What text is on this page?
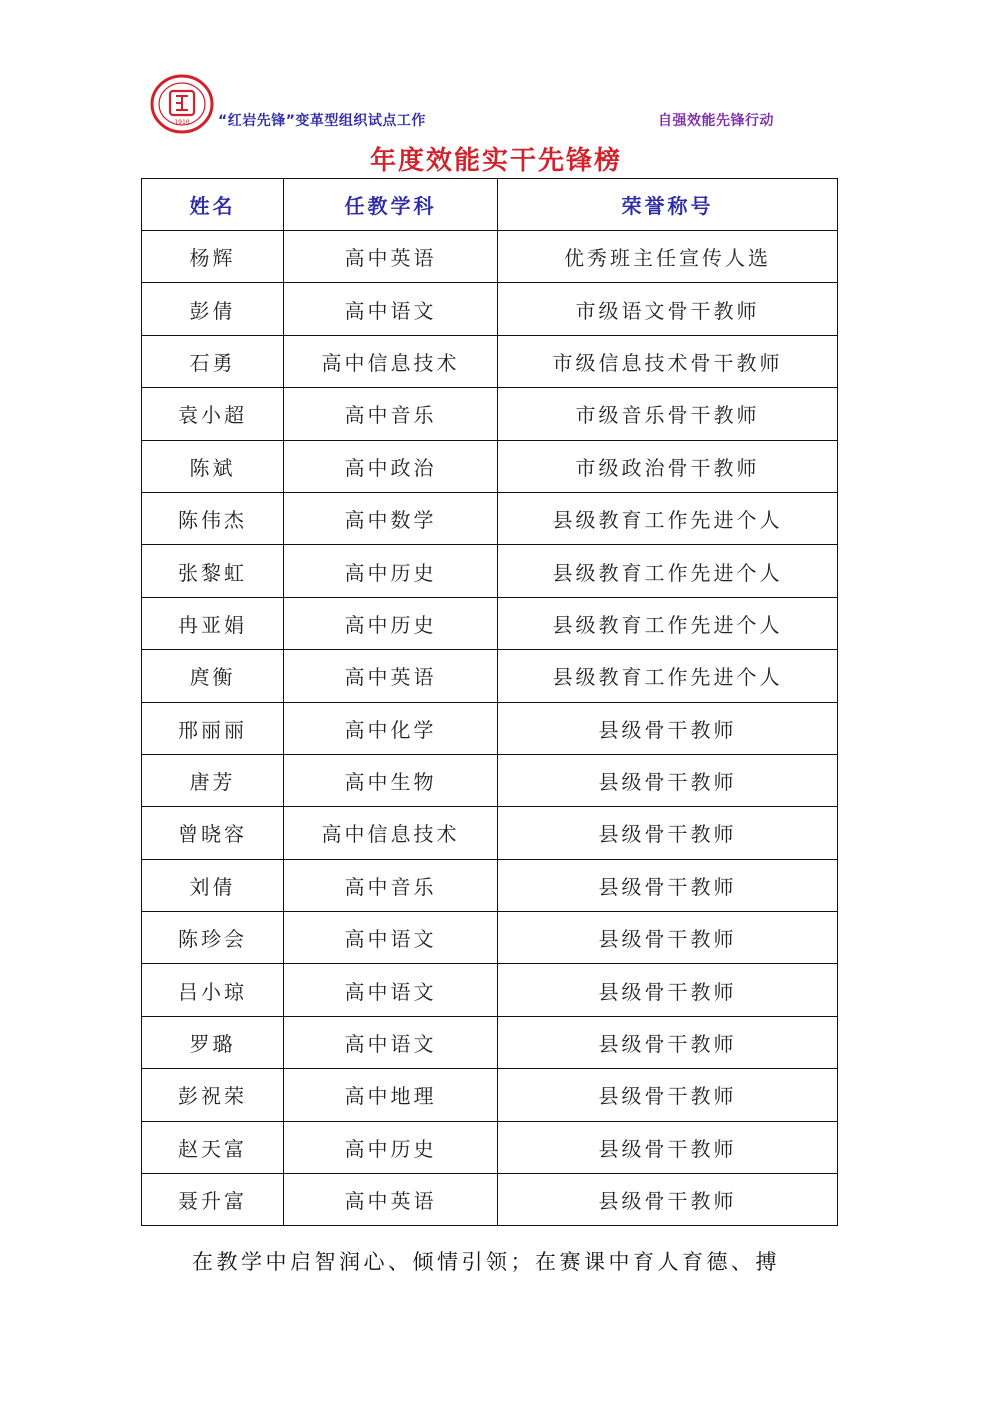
1910 “红岩先锋”变革型组织试点工作	自强效能先锋行动
年度效能实干先锋榜
姓名	任教学科	荣誉称号
杨辉	高中英语	优秀班主任宣传人选
彭倩	高中语文	市级语文骨干教师
石勇	高中信息技术	市级信息技术骨干教师
袁小超	高中音乐	市级音乐骨干教师
陈斌	高中政治	市级政治骨干教师
陈伟杰	高中数学	县级教育工作先进个人
张黎虹	高中历史	县级教育工作先进个人
冉亚娟	高中历史	县级教育工作先进个人
庹衡	高中英语	县级教育工作先进个人
邢丽丽	高中化学	县级骨干教师
唐芳	高中生物	县级骨干教师
曾晓容	高中信息技术	县级骨干教师
刘倩	高中音乐	县级骨干教师
陈珍会	高中语文	县级骨干教师
吕小琼	高中语文	县级骨干教师
罗璐	高中语文	县级骨干教师
彭祝荣	高中地理	县级骨干教师
赵天富	高中历史	县级骨干教师
聂升富	高中英语	县级骨干教师
在教学中启智润心、倾情引领；在赛课中育人育德、搏
